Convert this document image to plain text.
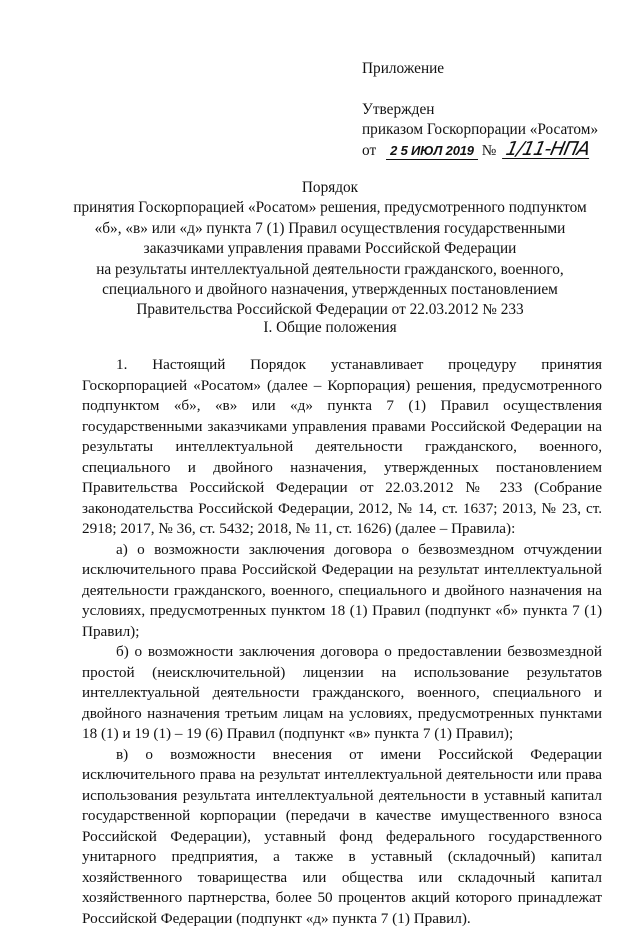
Приложение
Утвержден
приказом Госкорпорации «Росатом»
от 2 5 ИЮЛ 2019 № 1/11-НПА
Порядок
принятия Госкорпорацией «Росатом» решения, предусмотренного подпунктом
«б», «в» или «д» пункта 7 (1) Правил осуществления государственными
заказчиками управления правами Российской Федерации
на результаты интеллектуальной деятельности гражданского, военного,
специального и двойного назначения, утвержденных постановлением
Правительства Российской Федерации от 22.03.2012 № 233
I. Общие положения

1. Настоящий Порядок устанавливает процедуру принятия Госкорпорацией «Росатом» (далее – Корпорация) решения, предусмотренного подпунктом «б», «в» или «д» пункта 7 (1) Правил осуществления государственными заказчиками управления правами Российской Федерации на результаты интеллектуальной деятельности гражданского, военного, специального и двойного назначения, утвержденных постановлением Правительства Российской Федерации от 22.03.2012 № 233 (Собрание законодательства Российской Федерации, 2012, № 14, ст. 1637; 2013, № 23, ст. 2918; 2017, № 36, ст. 5432; 2018, № 11, ст. 1626) (далее – Правила):

а) о возможности заключения договора о безвозмездном отчуждении исключительного права Российской Федерации на результат интеллектуальной деятельности гражданского, военного, специального и двойного назначения на условиях, предусмотренных пунктом 18 (1) Правил (подпункт «б» пункта 7 (1) Правил);

б) о возможности заключения договора о предоставлении безвозмездной простой (неисключительной) лицензии на использование результатов интеллектуальной деятельности гражданского, военного, специального и двойного назначения третьим лицам на условиях, предусмотренных пунктами 18 (1) и 19 (1) – 19 (6) Правил (подпункт «в» пункта 7 (1) Правил);

в) о возможности внесения от имени Российской Федерации исключительного права на результат интеллектуальной деятельности или права использования результата интеллектуальной деятельности в уставный капитал государственной корпорации (передачи в качестве имущественного взноса Российской Федерации), уставный фонд федерального государственного унитарного предприятия, а также в уставный (складочный) капитал хозяйственного товарищества или общества или складочный капитал хозяйственного партнерства, более 50 процентов акций которого принадлежат Российской Федерации (подпункт «д» пункта 7 (1) Правил).
